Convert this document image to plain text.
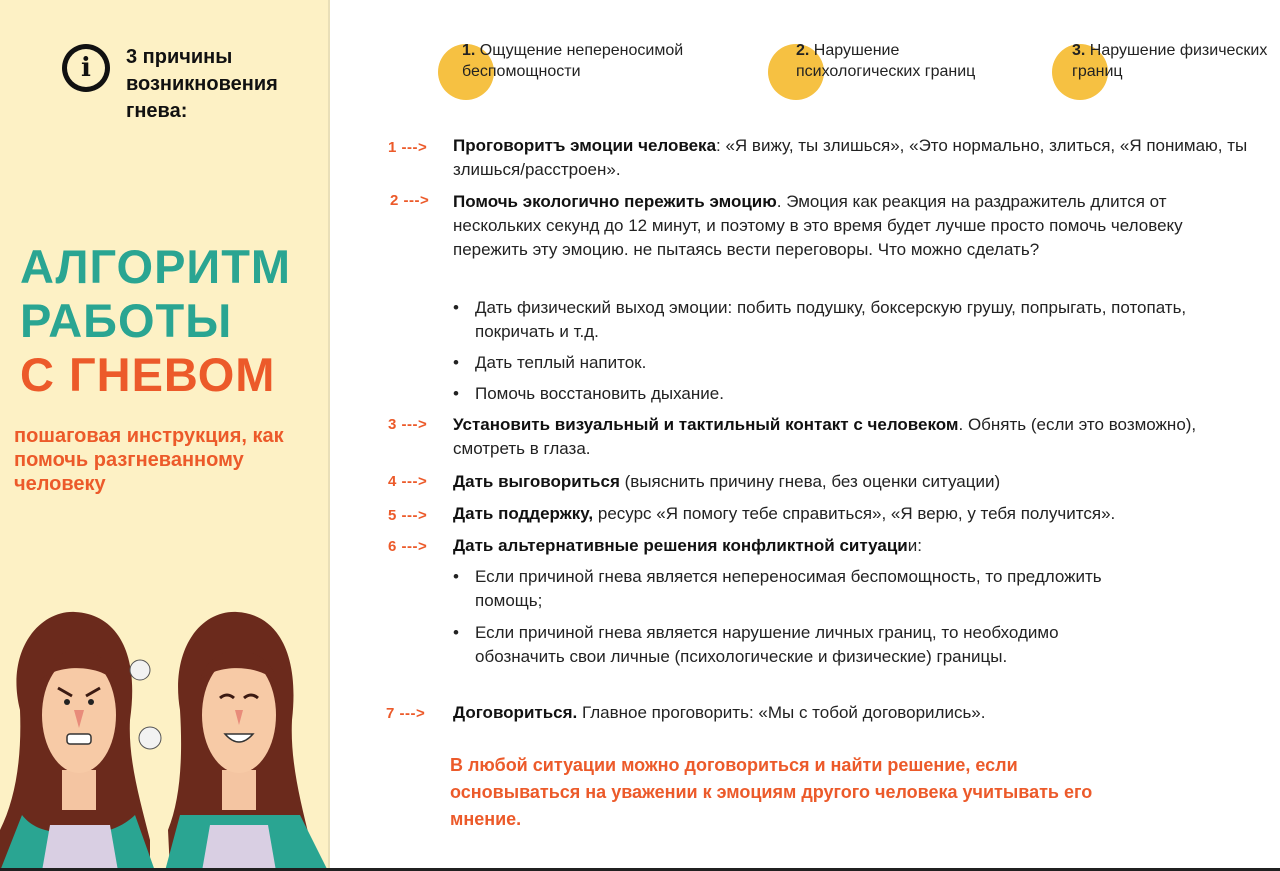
i	3 причины возникновения гнева:
АЛГОРИТМ
РАБОТЫ
С ГНЕВОМ
пошаговая инструкция, как помочь разгневанному человеку
1. Ощущение непереносимой беспомощности
2. Нарушение психологических границ
3. Нарушение физических границ
1 ---> Проговоритъ эмоции человека: «Я вижу, ты злишься», «Это нормально, злиться, «Я понимаю, ты злишься/расстроен».
2 ---> Помочь экологично пережить эмоцию. Эмоция как реакция на раздражитель длится от нескольких секунд до 12 минут, и поэтому в это время будет лучше просто помочь человеку пережить эту эмоцию. не пытаясь вести переговоры. Что можно сделать?
• Дать физический выход эмоции: побить подушку, боксерскую грушу, попрыгать, потопать, покричать и т.д.
• Дать теплый напиток.
• Помочь восстановить дыхание.
3 ---> Установить визуальный и тактильный контакт с человеком. Обнять (если это возможно), смотреть в глаза.
4 ---> Дать выговориться (выяснить причину гнева, без оценки ситуации)
5 ---> Дать поддержку, ресурс «Я помогу тебе справиться», «Я верю, у тебя получится».
6 ---> Дать альтернативные решения конфликтной ситуации:
• Если причиной гнева является непереносимая беспомощность, то предложить помощь;
• Если причиной гнева является нарушение личных границ, то необходимо обозначить свои личные (психологические и физические) границы.
7 ---> Договориться. Главное проговорить: «Мы с тобой договорились».
В любой ситуации можно договориться и найти решение, если основываться на уважении к эмоциям другого человека учитывать его мнение.
